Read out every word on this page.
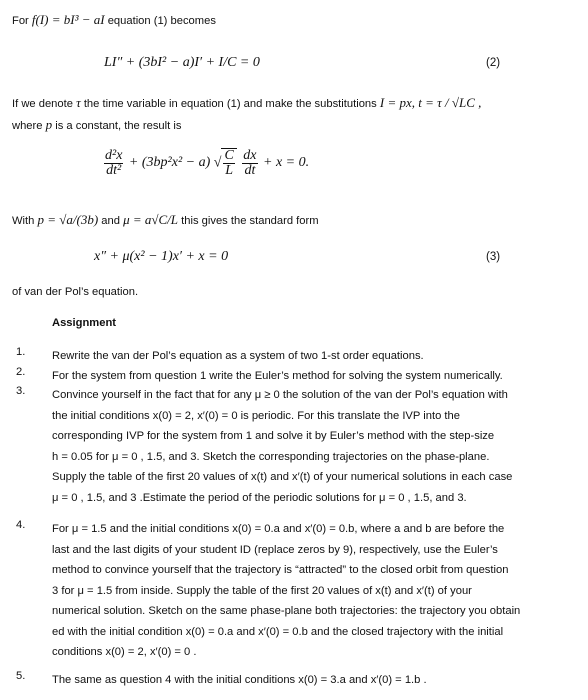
For f(I) = bI³ − aI equation (1) becomes
LI″ + (3bI² − a)I′ + I/C = 0	(2)
If we denote τ the time variable in equation (1) and make the substitutions I = px, t = τ / √LC ,
where p is a constant, the result is
$\frac{\text{d²x}}{\text{dt²}} + (3bp^2x^2 - a)$ √ $\frac{C}{L}$
$\frac{dx}{dt} + x = 0$.
With p = √a/(3b) and μ = a√C/L this gives the standard form
x″ + μ(x² − 1)x′ + x = 0	(3)
of van der Pol’s equation.
Assignment
1.	Rewrite the van der Pol’s equation as a system of two 1-st order equations.
2.	For the system from question 1 write the Euler’s method for solving the system numerically.
3.	Convince yourself in the fact that for any μ ≥ 0 the solution of the van der Pol’s equation with
the initial conditions x(0) = 2, x′(0) = 0 is periodic. For this translate the IVP into the
corresponding IVP for the system from 1 and solve it by Euler’s method with the step-size
h = 0.05 for μ = 0 , 1.5, and 3. Sketch the corresponding trajectories on the phase-plane.
Supply the table of the first 20 values of x(t) and x′(t) of your numerical solutions in each case
μ = 0 , 1.5, and 3 .Estimate the period of the periodic solutions for μ = 0 , 1.5, and 3.
4.	For μ = 1.5 and the initial conditions x(0) = 0.a and x′(0) = 0.b, where a and b are before the
last and the last digits of your student ID (replace zeros by 9), respectively, use the Euler’s
method to convince yourself that the trajectory is “attracted” to the closed orbit from question
3 for μ = 1.5 from inside. Supply the table of the first 20 values of x(t) and x′(t) of your
numerical solution. Sketch on the same phase-plane both trajectories: the trajectory you obtain
ed with the initial condition x(0) = 0.a and x′(0) = 0.b and the closed trajectory with the initial
conditions x(0) = 2, x′(0) = 0 .
5.	The same as question 4 with the initial conditions x(0) = 3.a and x′(0) = 1.b .
